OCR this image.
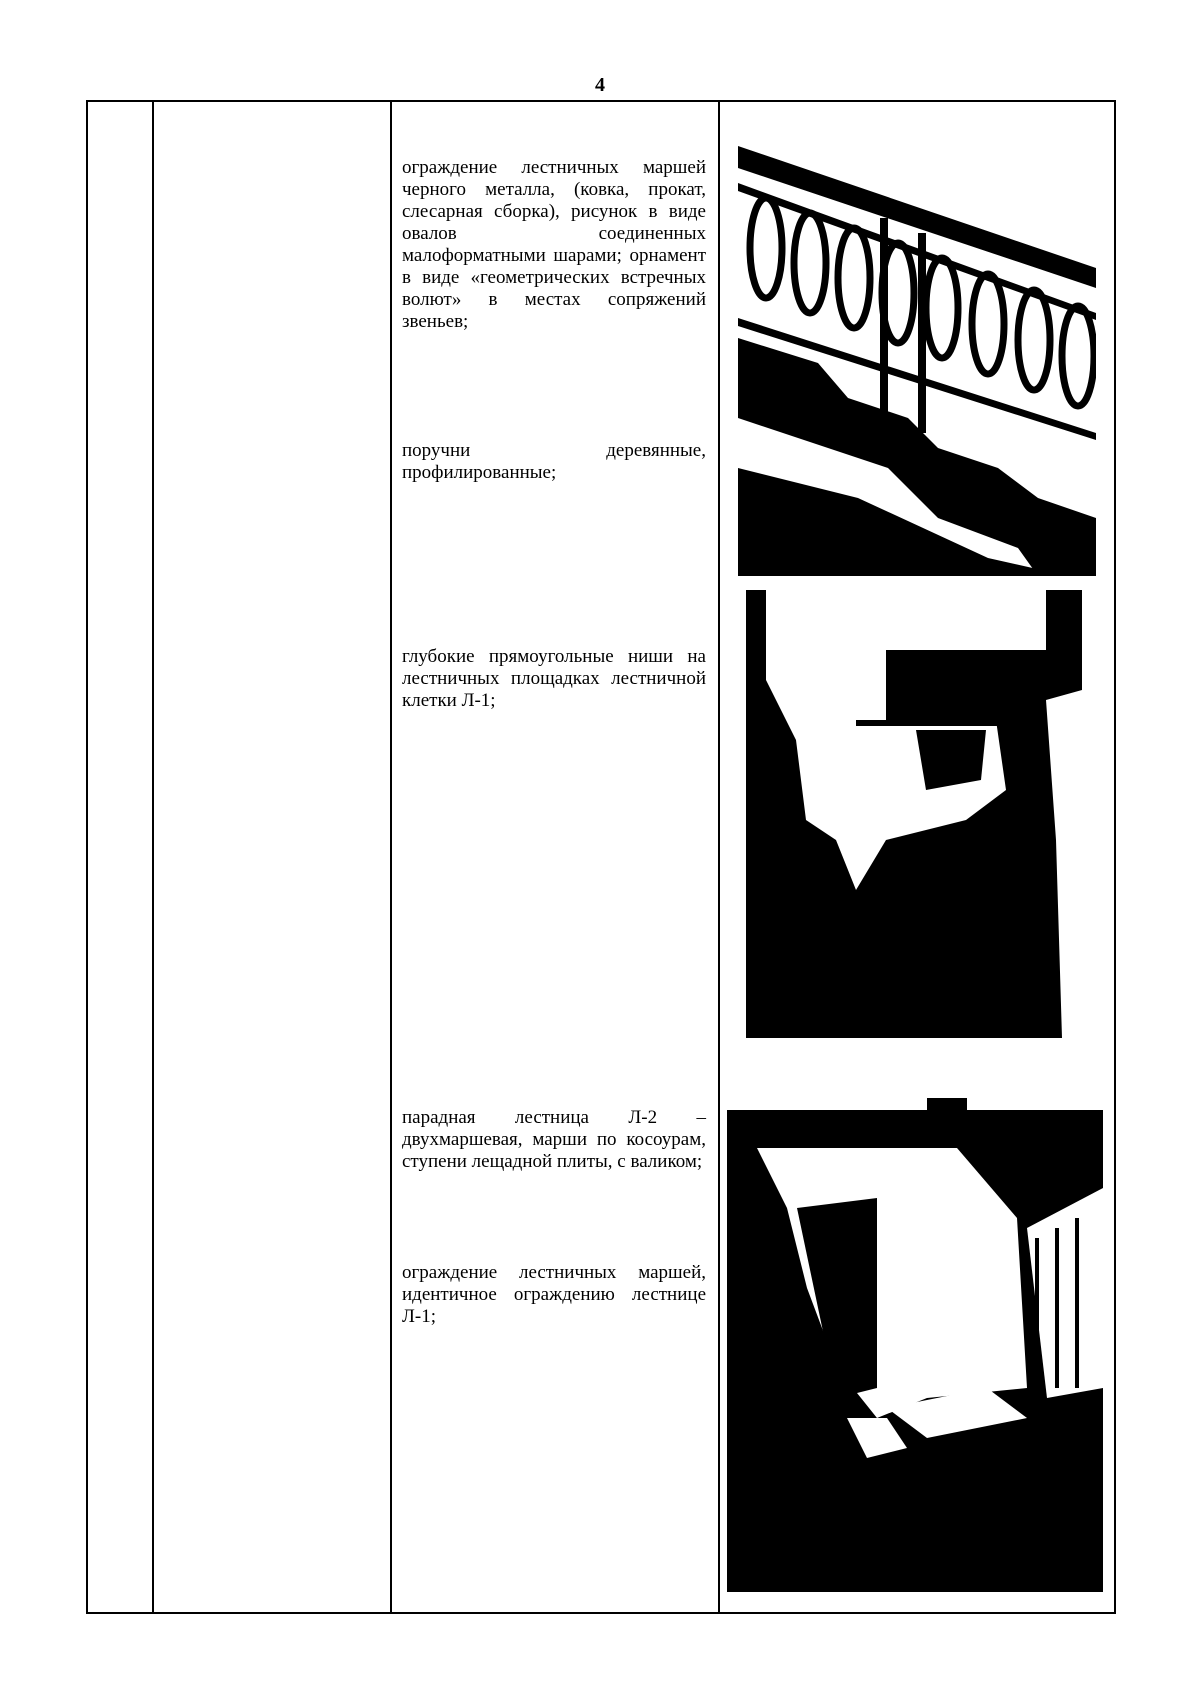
4
ограждение лестничных маршей черного металла, (ковка, прокат, слесарная сборка), рисунок в виде овалов соединенных малоформатными шарами; орнамент в виде «геометрических встречных волют» в местах сопряжений звеньев;
поручни деревянные, профилированные;
глубокие прямоугольные ниши на лестничных площадках лестничной клетки Л-1;
парадная лестница Л-2 – двухмаршевая, марши по косоурам, ступени лещадной плиты, с валиком;
ограждение лестничных маршей, идентичное ограждению лестнице Л-1;
